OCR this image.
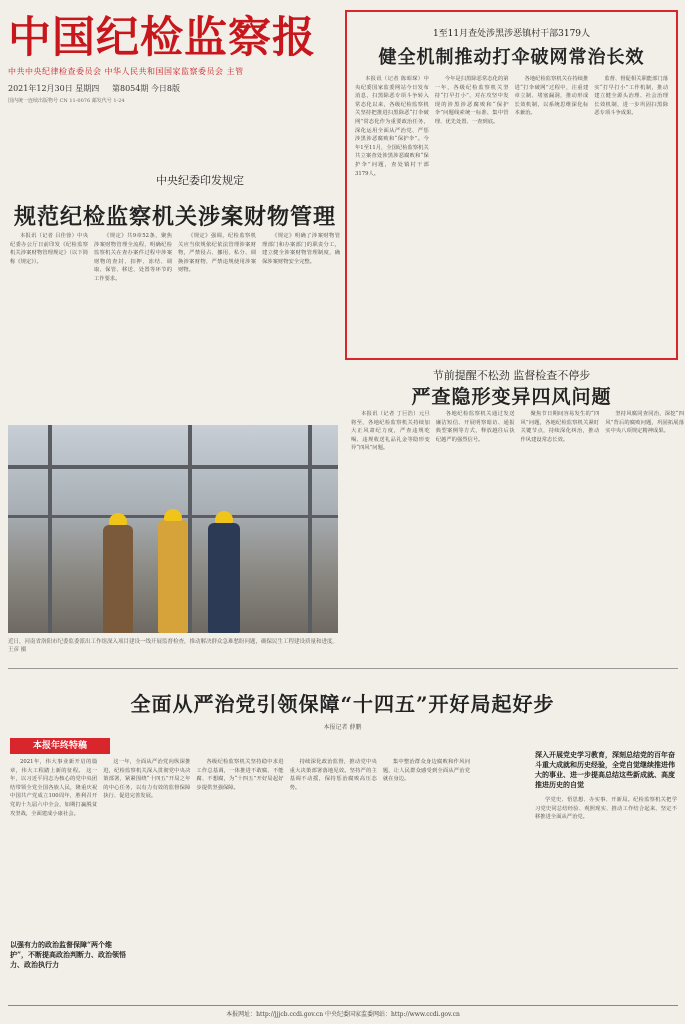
中国纪检监察报
中共中央纪律检查委员会 中华人民共和国国家监察委员会 主管
2021年12月30日 星期四 第8054期 今日8版
国内统一连续出版物号 CN 11-0076 邮发代号 1-24
1至11月查处涉黑涉恶镇村干部3179人
健全机制推动打伞破网常治长效
本报讯（记者 陈昭琛）中央纪委国家监委网站今日发布消息，扫黑除恶专项斗争转入常态化以来，各级纪检监察机关坚持把推进扫黑除恶“打伞破网”常态化作为重要政治任务，深化运用全面从严治党、严惩涉黑涉恶腐败和“保护伞”。今年1至11月，全国纪检监察机关共立案查处涉黑涉恶腐败和“保护伞”问题，查处镇村干部3179人。
今年是扫黑除恶常态化的第一年，各级纪检监察机关坚持“打早打小”，对在攻坚中发现的涉黑涉恶腐败和“保护伞”问题线索统一标准、集中管理、优先处置、一查到底。
各地纪检监察机关在持续推进“打伞破网”过程中，注重建章立制、堵塞漏洞，推动形成长效机制，以系统思维深化标本兼治。
监督、督促相关职能部门落实“打早打小”工作机制，推动建立健全源头治理、社会治理长效机制，进一步巩固扫黑除恶专项斗争成果。
中央纪委印发规定
规范纪检监察机关涉案财物管理
本报讯（记者 吕佳蓉）中央纪委办公厅日前印发《纪检监察机关涉案财物管理规定》（以下简称《规定》）。
《规定》共9章52条，聚焦涉案财物管理全流程，明确纪检监察机关在查办案件过程中涉案财物的查封、扣押、冻结、调取、保管、移送、处置等环节的工作要求。
《规定》强调，纪检监察机关应当依规依纪依法管理涉案财物，严禁侵占、挪用、私分、调换涉案财物，严禁违规使用涉案财物。
《规定》明确了涉案财物管理部门和办案部门的职责分工，建立健全涉案财物管理制度，确保涉案财物安全完整。
近日，河南省洛阳市纪委监委派出工作组深入项目建设一线开展监督检查，推动解决群众急难愁盼问题，确保民生工程建设质量和进度。 王彦 摄
节前提醒不松劲 监督检查不停步
严查隐形变异四风问题
本报讯（记者 丁巨浩）元旦将至，各地纪检监察机关持续加大正风肃纪力度，严查违规吃喝、违规收送礼品礼金等隐形变异“四风”问题。
各地纪检监察机关通过发送廉洁短信、开展明察暗访、通报典型案例等方式，释放越往后执纪越严的强烈信号。
聚焦节日期间容易发生的“四风”问题，各地纪检监察机关紧盯关键节点，持续深化纠治，推动作风建设常态长效。
坚持风腐同查同治，深挖“四风”背后的腐败问题，巩固拓展落实中央八项规定精神成果。
全面从严治党引领保障“十四五”开好局起好步
本报记者 薛鹏
本报年终特稿
2021年，伟大事业新开启的篇章，伟大工程踏上新的征程。 这一年，以习近平同志为核心的党中央团结带领全党全国各族人民，隆重庆祝中国共产党成立100周年，胜利召开党的十九届六中全会，如期打赢脱贫攻坚战，全面建成小康社会。
这一年，全面从严治党向纵深推进，纪检监察机关深入贯彻党中央决策部署，紧紧围绕“十四五”开局之年的中心任务，以有力有效的监督保障执行、促进完善发展。
各级纪检监察机关坚持稳中求进工作总基调，一体推进不敢腐、不能腐、不想腐，为“十四五”开好局起好步提供坚强保障。
持续深化政治监督，推动党中央重大决策部署落地见效。坚持严的主基调不动摇，保持惩治腐败高压态势。
集中整治群众身边腐败和作风问题，让人民群众感受到全面从严治党就在身边。
以强有力的政治监督保障“两个维护”，不断提高政治判断力、政治领悟力、政治执行力
深入开展党史学习教育，深刻总结党的百年奋斗重大成就和历史经验，全党自觉继续推进伟大的事业、进一步提高总结这些新成就、高度推进历史的自觉
学党史、悟思想、办实事、开新局。纪检监察机关把学习党史同总结经验、观照现实、推动工作结合起来，坚定不移推进全面从严治党。
本报网址：http://jjjcb.ccdi.gov.cn 中央纪委国家监委网站：http://www.ccdi.gov.cn
